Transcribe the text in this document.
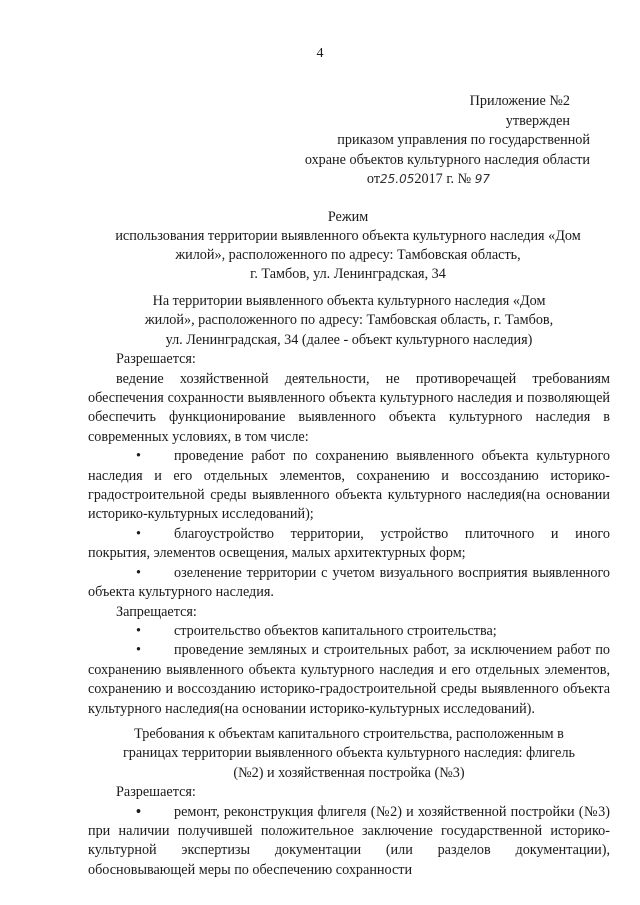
4
Приложение №2
утвержден
приказом управления по государственной
охране объектов культурного наследия области
от25.052017 г. № 97
Режим
использования территории выявленного объекта культурного наследия «Дом
жилой», расположенного по адресу: Тамбовская область,
г. Тамбов, ул. Ленинградская, 34
На территории выявленного объекта культурного наследия «Дом
жилой», расположенного по адресу: Тамбовская область, г. Тамбов,
ул. Ленинградская, 34 (далее - объект культурного наследия)
Разрешается:
ведение хозяйственной деятельности, не противоречащей требованиям обеспечения сохранности выявленного объекта культурного наследия и позволяющей обеспечить функционирование выявленного объекта культурного наследия в современных условиях, в том числе:
• проведение работ по сохранению выявленного объекта культурного наследия и его отдельных элементов, сохранению и воссозданию историко-градостроительной среды выявленного объекта культурного наследия(на основании историко-культурных исследований);
• благоустройство территории, устройство плиточного и иного покрытия, элементов освещения, малых архитектурных форм;
• озеленение территории с учетом визуального восприятия выявленного объекта культурного наследия.
Запрещается:
• строительство объектов капитального строительства;
• проведение земляных и строительных работ, за исключением работ по сохранению выявленного объекта культурного наследия и его отдельных элементов, сохранению и воссозданию историко-градостроительной среды выявленного объекта культурного наследия(на основании историко-культурных исследований).
Требования к объектам капитального строительства, расположенным в
границах территории выявленного объекта культурного наследия: флигель
(№2) и хозяйственная постройка (№3)
Разрешается:
• ремонт, реконструкция флигеля (№2) и хозяйственной постройки (№3) при наличии получившей положительное заключение государственной историко-культурной экспертизы документации (или разделов документации), обосновывающей меры по обеспечению сохранности
